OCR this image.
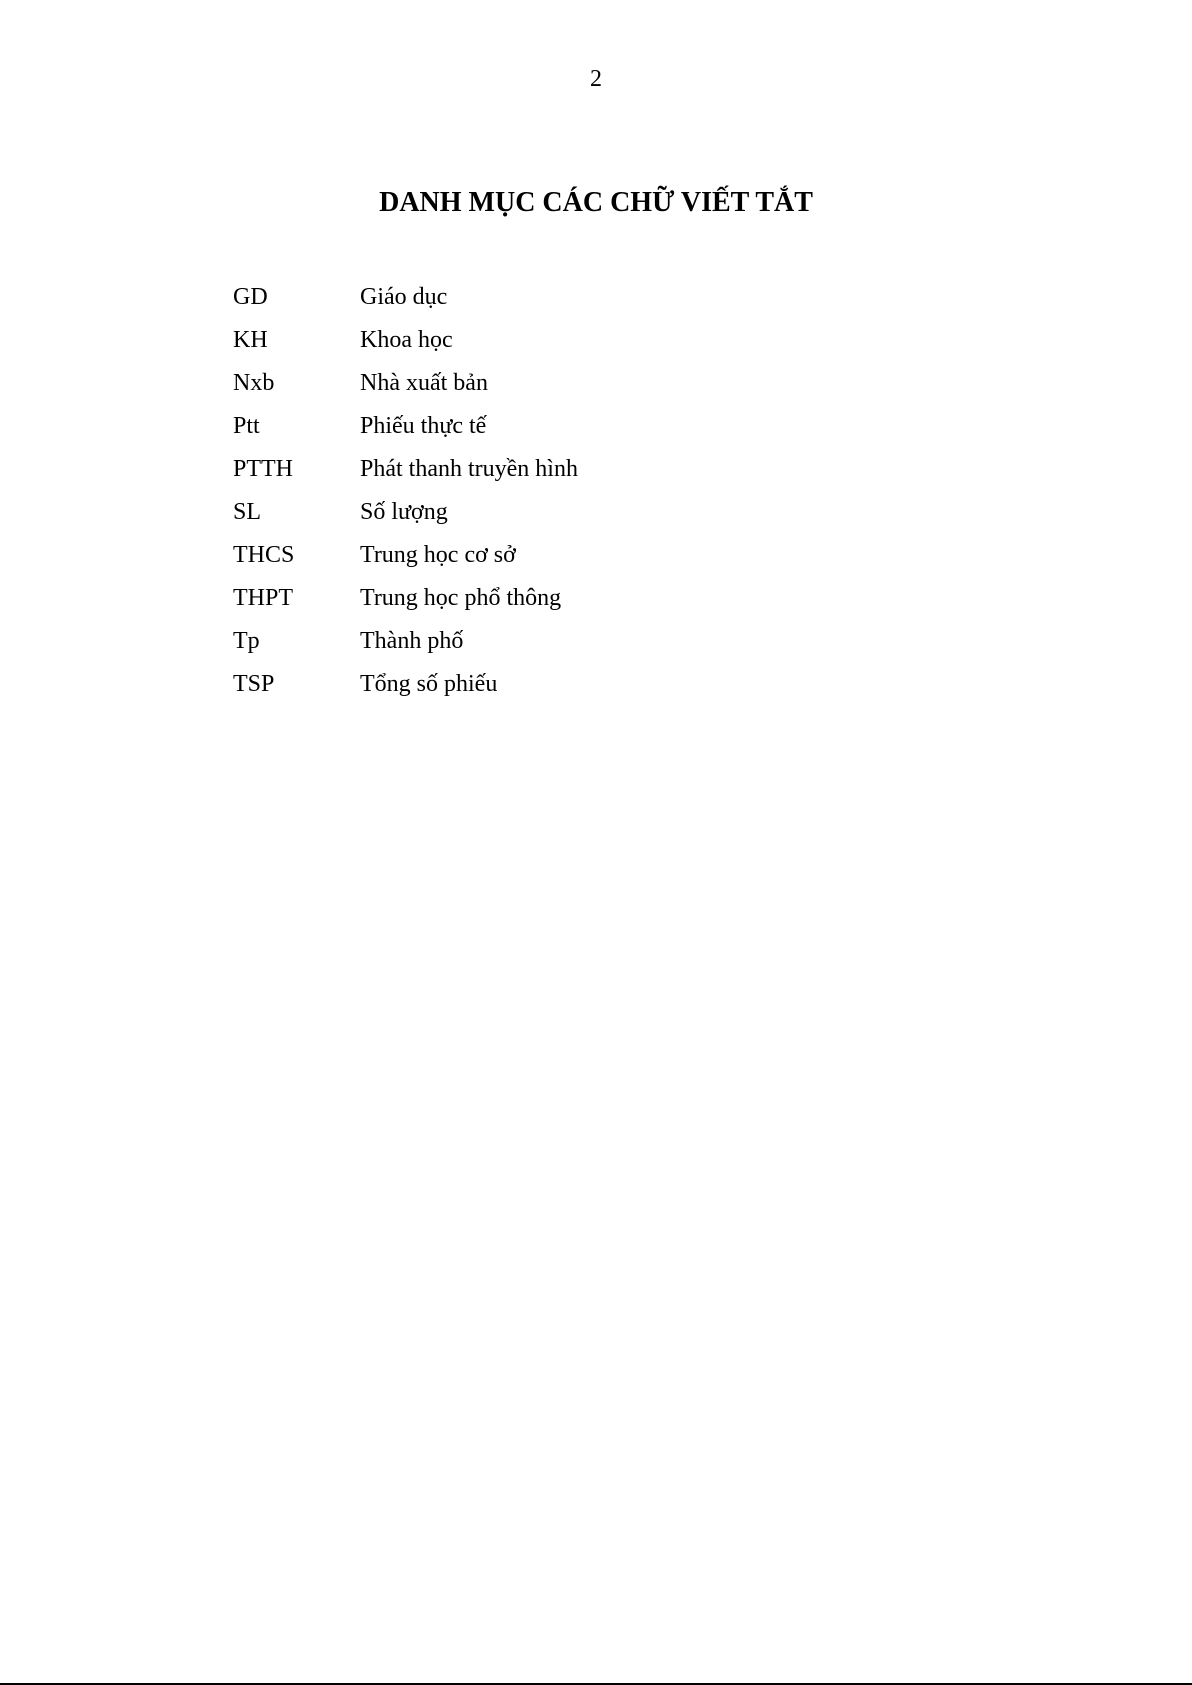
2
DANH MỤC CÁC CHỮ VIẾT TẮT
GD	Giáo dục
KH	Khoa học
Nxb	Nhà xuất bản
Ptt	Phiếu thực tế
PTTH	Phát thanh truyền hình
SL	Số lượng
THCS	Trung học cơ sở
THPT	Trung học phổ thông
Tp	Thành phố
TSP	Tổng số phiếu
